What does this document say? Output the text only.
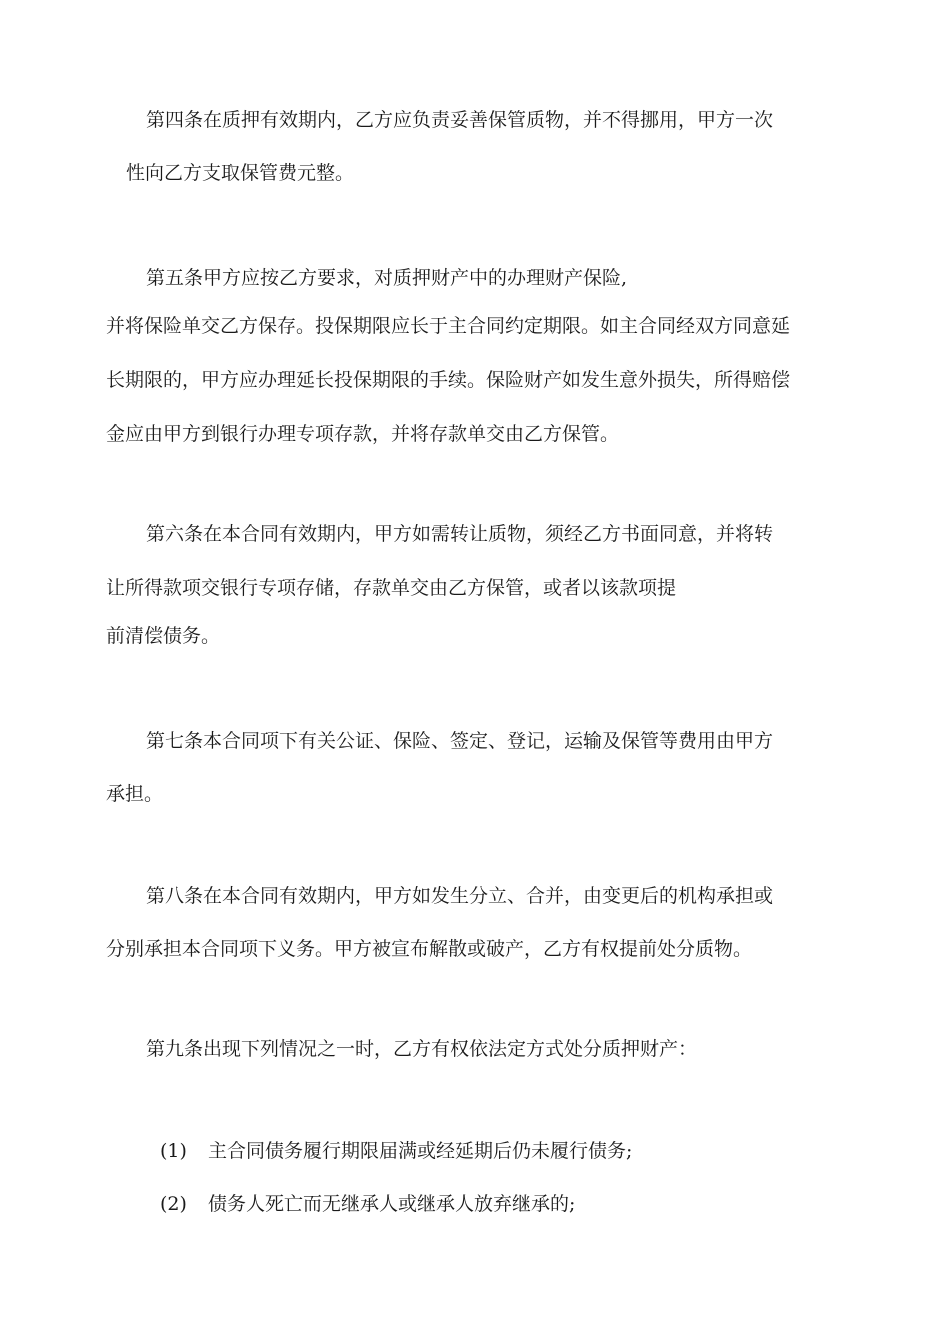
第四条在质押有效期内，乙方应负责妥善保管质物，并不得挪用，甲方一次
性向乙方支取保管费元整。
第五条甲方应按乙方要求，对质押财产中的办理财产保险,
并将保险单交乙方保存。投保期限应长于主合同约定期限。如主合同经双方同意延
长期限的，甲方应办理延长投保期限的手续。保险财产如发生意外损失，所得赔偿
金应由甲方到银行办理专项存款，并将存款单交由乙方保管。
第六条在本合同有效期内，甲方如需转让质物，须经乙方书面同意，并将转
让所得款项交银行专项存储，存款单交由乙方保管，或者以该款项提
前清偿债务。
第七条本合同项下有关公证、保险、签定、登记，运输及保管等费用由甲方
承担。
第八条在本合同有效期内，甲方如发生分立、合并，由变更后的机构承担或
分别承担本合同项下义务。甲方被宣布解散或破产，乙方有权提前处分质物。
第九条出现下列情况之一时，乙方有权依法定方式处分质押财产：
(1) 主合同债务履行期限届满或经延期后仍未履行债务;
(2) 债务人死亡而无继承人或继承人放弃继承的;
